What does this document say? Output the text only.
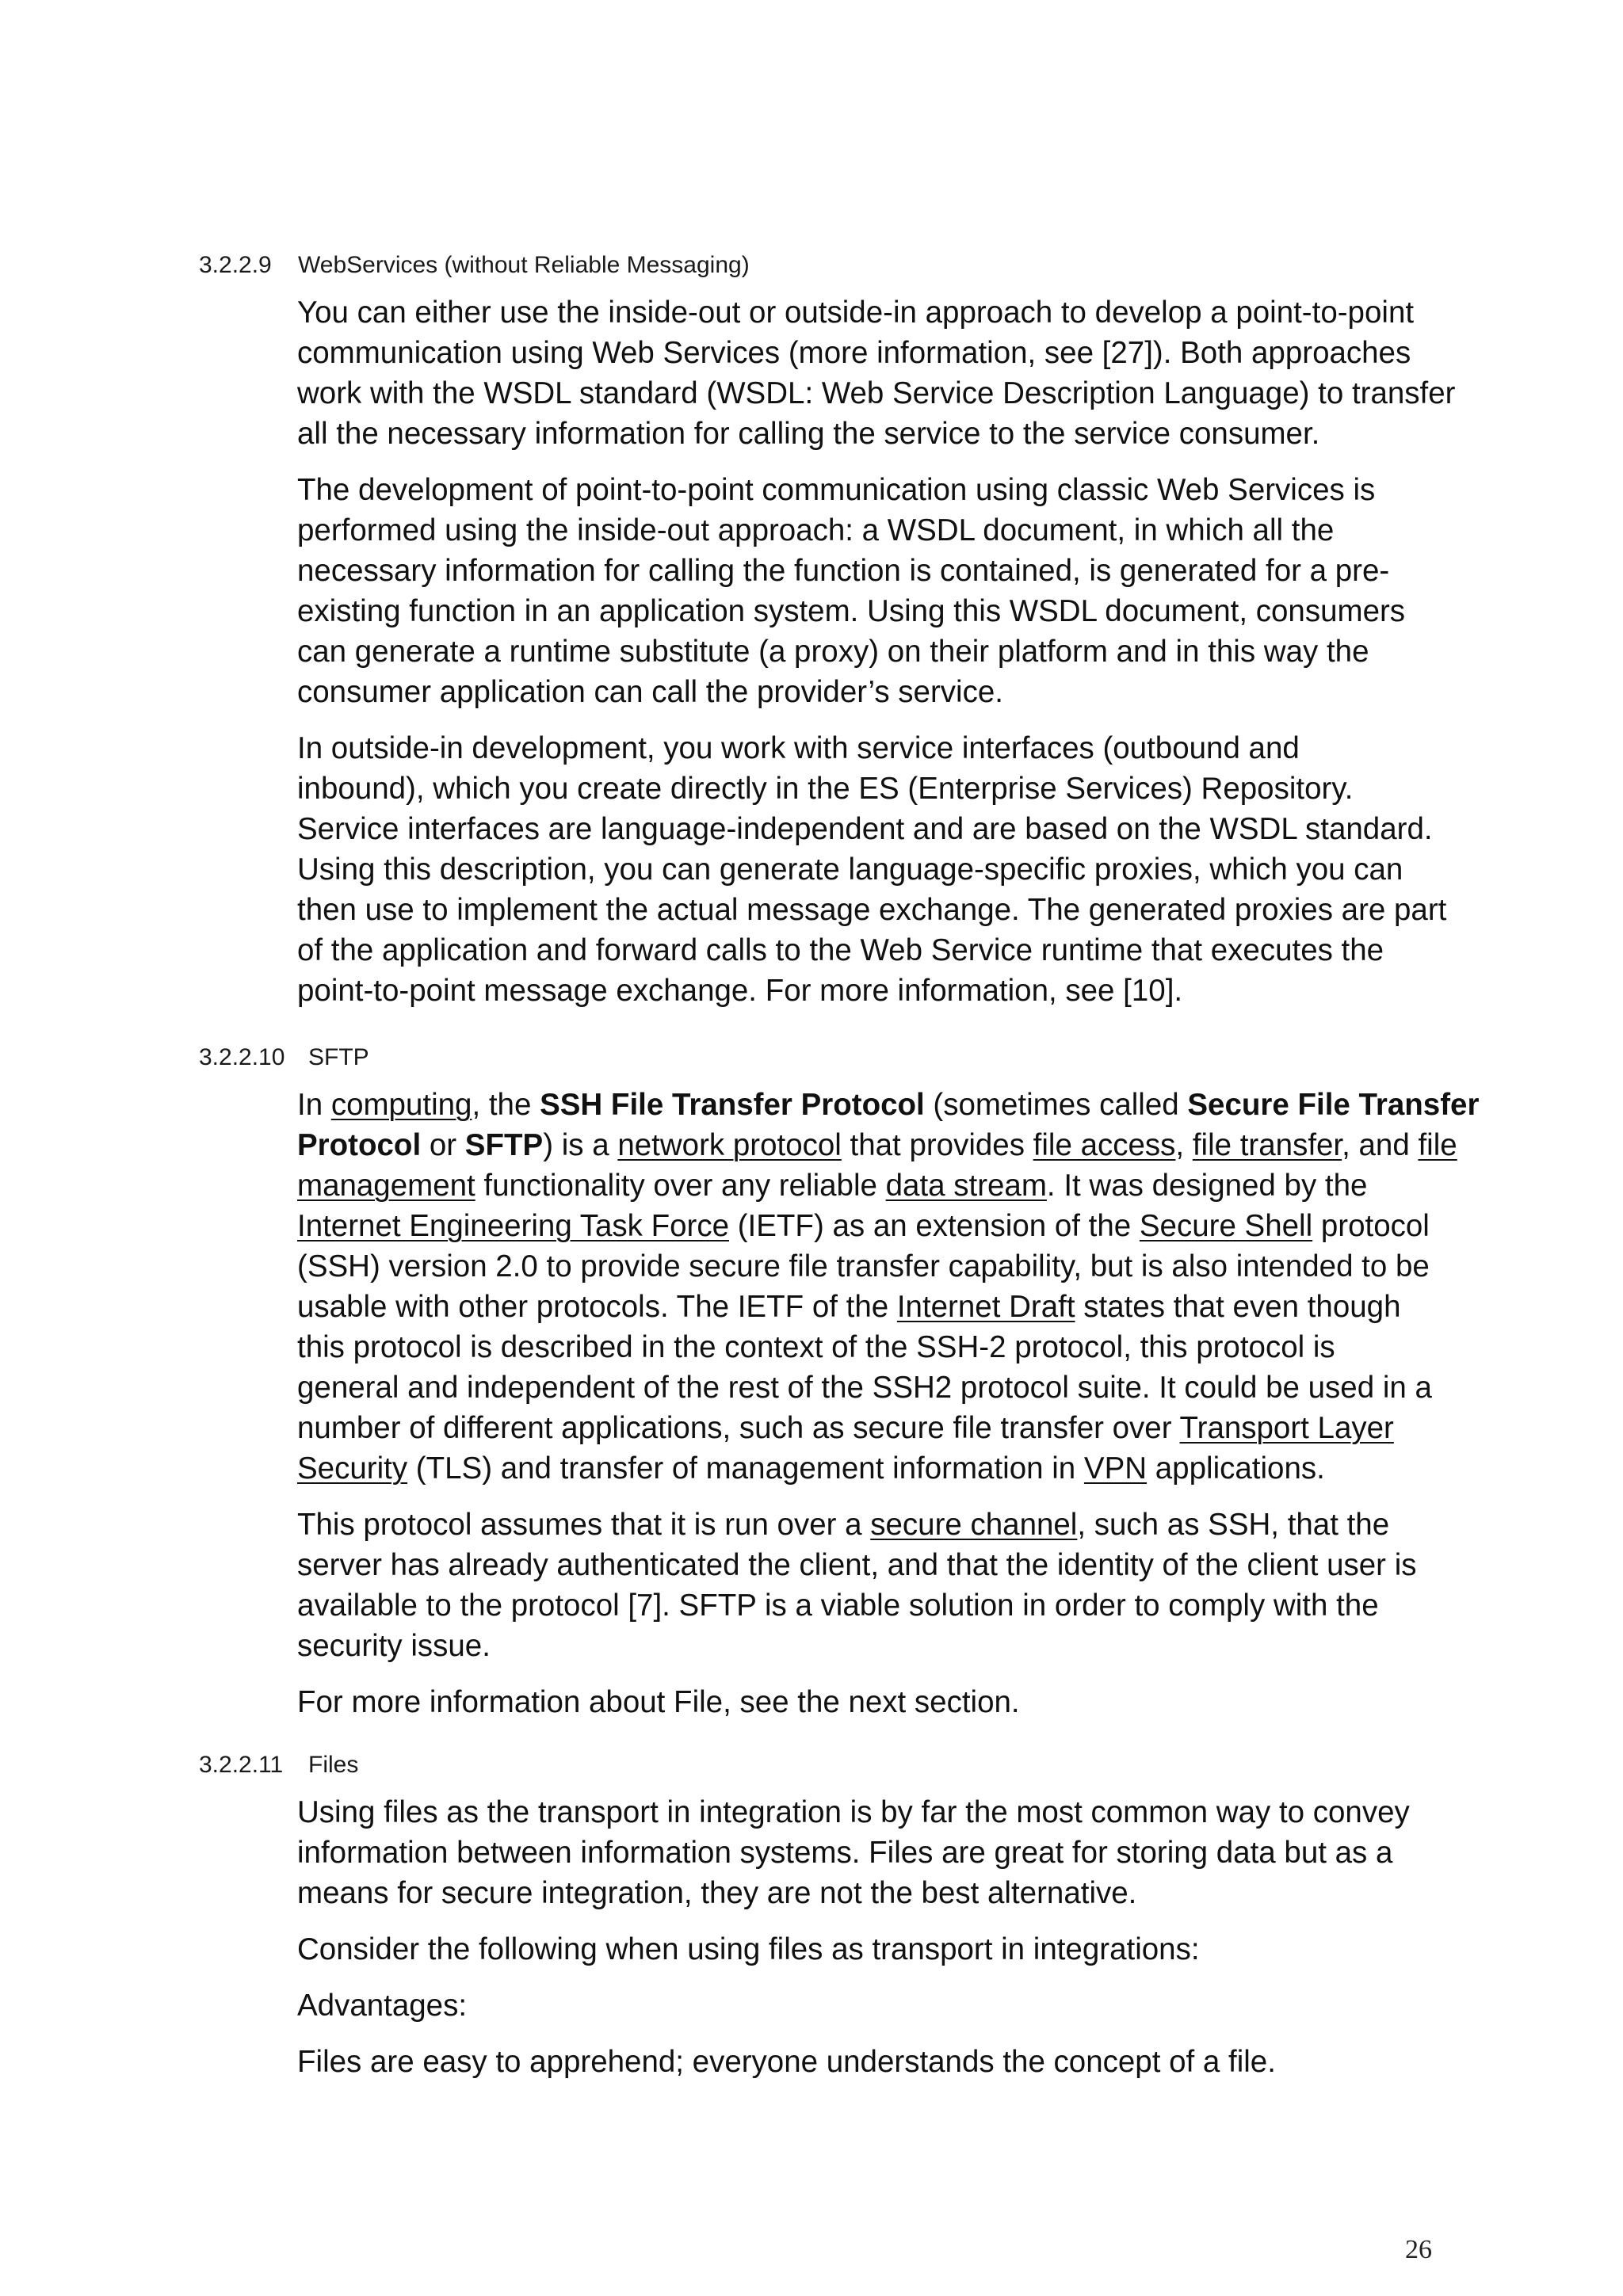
3.2.2.9 WebServices (without Reliable Messaging)

You can either use the inside-out or outside-in approach to develop a point-to-point
communication using Web Services (more information, see [27]). Both approaches
work with the WSDL standard (WSDL: Web Service Description Language) to transfer
all the necessary information for calling the service to the service consumer.

The development of point-to-point communication using classic Web Services is
performed using the inside-out approach: a WSDL document, in which all the
necessary information for calling the function is contained, is generated for a pre-
existing function in an application system. Using this WSDL document, consumers
can generate a runtime substitute (a proxy) on their platform and in this way the
consumer application can call the provider’s service.

In outside-in development, you work with service interfaces (outbound and
inbound), which you create directly in the ES (Enterprise Services) Repository.
Service interfaces are language-independent and are based on the WSDL standard.
Using this description, you can generate language-specific proxies, which you can
then use to implement the actual message exchange. The generated proxies are part
of the application and forward calls to the Web Service runtime that executes the
point-to-point message exchange. For more information, see [10].

3.2.2.10 SFTP

In computing, the SSH File Transfer Protocol (sometimes called Secure File Transfer
Protocol or SFTP) is a network protocol that provides file access, file transfer, and file
management functionality over any reliable data stream. It was designed by the
Internet Engineering Task Force (IETF) as an extension of the Secure Shell protocol
(SSH) version 2.0 to provide secure file transfer capability, but is also intended to be
usable with other protocols. The IETF of the Internet Draft states that even though
this protocol is described in the context of the SSH-2 protocol, this protocol is
general and independent of the rest of the SSH2 protocol suite. It could be used in a
number of different applications, such as secure file transfer over Transport Layer
Security (TLS) and transfer of management information in VPN applications.

This protocol assumes that it is run over a secure channel, such as SSH, that the
server has already authenticated the client, and that the identity of the client user is
available to the protocol [7]. SFTP is a viable solution in order to comply with the
security issue.

For more information about File, see the next section.

3.2.2.11 Files

Using files as the transport in integration is by far the most common way to convey
information between information systems. Files are great for storing data but as a
means for secure integration, they are not the best alternative.

Consider the following when using files as transport in integrations:

Advantages:

Files are easy to apprehend; everyone understands the concept of a file.

26
